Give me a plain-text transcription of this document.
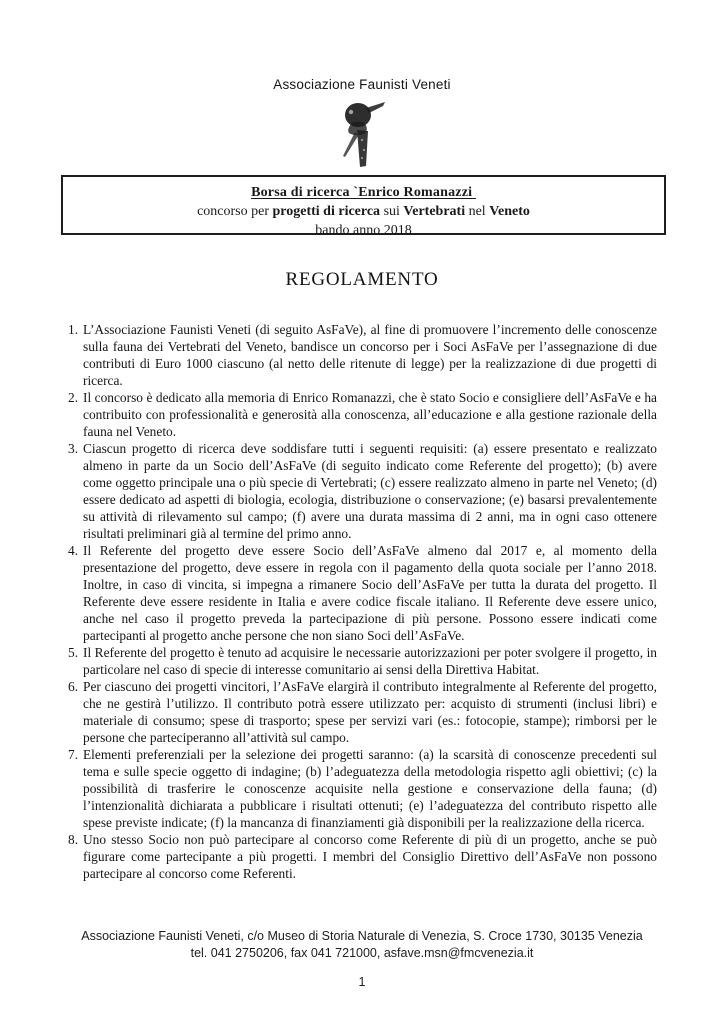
Associazione Faunisti Veneti
Borsa di ricerca `Enrico Romanazzi
concorso per progetti di ricerca sui Vertebrati nel Veneto
bando anno 2018
REGOLAMENTO
1. L’Associazione Faunisti Veneti (di seguito AsFaVe), al fine di promuovere l’incremento delle conoscenze sulla fauna dei Vertebrati del Veneto, bandisce un concorso per i Soci AsFaVe per l’assegnazione di due contributi di Euro 1000 ciascuno (al netto delle ritenute di legge) per la realizzazione di due progetti di ricerca.
2. Il concorso è dedicato alla memoria di Enrico Romanazzi, che è stato Socio e consigliere dell’AsFaVe e ha contribuito con professionalità e generosità alla conoscenza, all’educazione e alla gestione razionale della fauna nel Veneto.
3. Ciascun progetto di ricerca deve soddisfare tutti i seguenti requisiti: (a) essere presentato e realizzato almeno in parte da un Socio dell’AsFaVe (di seguito indicato come Referente del progetto); (b) avere come oggetto principale una o più specie di Vertebrati; (c) essere realizzato almeno in parte nel Veneto; (d) essere dedicato ad aspetti di biologia, ecologia, distribuzione o conservazione; (e) basarsi prevalentemente su attività di rilevamento sul campo; (f) avere una durata massima di 2 anni, ma in ogni caso ottenere risultati preliminari già al termine del primo anno.
4. Il Referente del progetto deve essere Socio dell’AsFaVe almeno dal 2017 e, al momento della presentazione del progetto, deve essere in regola con il pagamento della quota sociale per l’anno 2018. Inoltre, in caso di vincita, si impegna a rimanere Socio dell’AsFaVe per tutta la durata del progetto. Il Referente deve essere residente in Italia e avere codice fiscale italiano. Il Referente deve essere unico, anche nel caso il progetto preveda la partecipazione di più persone. Possono essere indicati come partecipanti al progetto anche persone che non siano Soci dell’AsFaVe.
5. Il Referente del progetto è tenuto ad acquisire le necessarie autorizzazioni per poter svolgere il progetto, in particolare nel caso di specie di interesse comunitario ai sensi della Direttiva Habitat.
6. Per ciascuno dei progetti vincitori, l’AsFaVe elargirà il contributo integralmente al Referente del progetto, che ne gestirà l’utilizzo. Il contributo potrà essere utilizzato per: acquisto di strumenti (inclusi libri) e materiale di consumo; spese di trasporto; spese per servizi vari (es.: fotocopie, stampe); rimborsi per le persone che parteciperanno all’attività sul campo.
7. Elementi preferenziali per la selezione dei progetti saranno: (a) la scarsità di conoscenze precedenti sul tema e sulle specie oggetto di indagine; (b) l’adeguatezza della metodologia rispetto agli obiettivi; (c) la possibilità di trasferire le conoscenze acquisite nella gestione e conservazione della fauna; (d) l’intenzionalità dichiarata a pubblicare i risultati ottenuti; (e) l’adeguatezza del contributo rispetto alle spese previste indicate; (f) la mancanza di finanziamenti già disponibili per la realizzazione della ricerca.
8. Uno stesso Socio non può partecipare al concorso come Referente di più di un progetto, anche se può figurare come partecipante a più progetti. I membri del Consiglio Direttivo dell’AsFaVe non possono partecipare al concorso come Referenti.
Associazione Faunisti Veneti, c/o Museo di Storia Naturale di Venezia, S. Croce 1730, 30135 Venezia
tel. 041 2750206, fax 041 721000, asfave.msn@fmcvenezia.it
1
